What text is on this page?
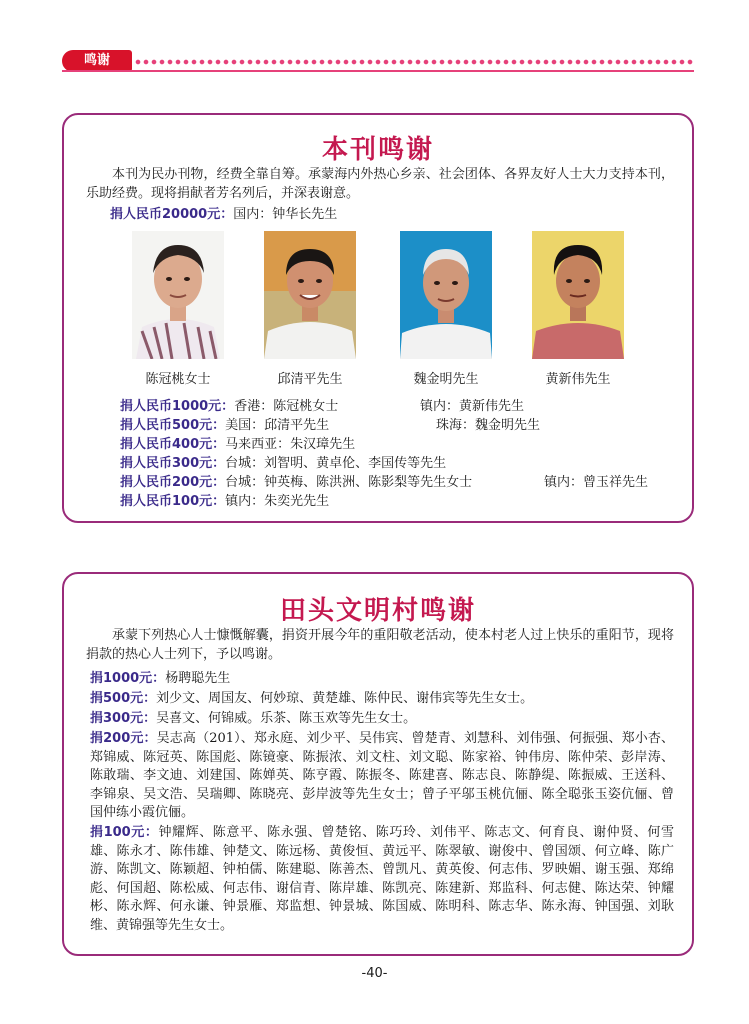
鸣谢
本刊鸣谢
本刊为民办刊物，经费全靠自筹。承蒙海内外热心乡亲、社会团体、各界友好人士大力支持本刊，乐助经费。现将捐献者芳名列后，并深表谢意。
捐人民币20000元：国内：钟华长先生
陈冠桃女士	邱清平先生	魏金明先生	黄新伟先生
捐人民币1000元：香港：陈冠桃女士	镇内：黄新伟先生
捐人民币500元：美国：邱清平先生	珠海：魏金明先生
捐人民币400元：马来西亚：朱汉璋先生
捐人民币300元：台城：刘智明、黄卓伦、李国传等先生
捐人民币200元：台城：钟英梅、陈洪洲、陈影梨等先生女士	镇内：曾玉祥先生
捐人民币100元：镇内：朱奕光先生
田头文明村鸣谢
承蒙下列热心人士慷慨解囊，捐资开展今年的重阳敬老活动，使本村老人过上快乐的重阳节，现将捐款的热心人士列下，予以鸣谢。
捐1000元：杨聘聪先生
捐500元：刘少文、周国友、何妙琼、黄楚雄、陈仲民、谢伟宾等先生女士。
捐300元：吴喜文、何锦威。乐茶、陈玉欢等先生女士。
捐200元：吴志高（201）、郑永庭、刘少平、吴伟宾、曾楚青、刘慧科、刘伟强、何振强、郑小杏、郑锦威、陈冠英、陈国彪、陈镜豪、陈振浓、刘文柱、刘文聪、陈家裕、钟伟房、陈仲荣、彭岸涛、陈敢瑞、李文迪、刘建国、陈婵英、陈亨霞、陈振冬、陈建喜、陈志良、陈静缇、陈振威、王送科、李锦泉、吴文浩、吴瑞卿、陈晓亮、彭岸波等先生女士；曾子平邬玉桃伉俪、陈全聪张玉姿伉俪、曾国仲练小霞伉俪。
捐100元：钟耀辉、陈意平、陈永强、曾楚铭、陈巧玲、刘伟平、陈志文、何育良、谢仲贤、何雪雄、陈永才、陈伟雄、钟楚文、陈远杨、黄俊恒、黄远平、陈翠敏、谢俊中、曾国颂、何立峰、陈广游、陈凯文、陈颖超、钟柏儒、陈建聪、陈善杰、曾凯凡、黄英俊、何志伟、罗映媚、谢玉强、郑绵彪、何国超、陈松威、何志伟、谢信青、陈岸雄、陈凯亮、陈建新、郑监科、何志健、陈达荣、钟耀彬、陈永辉、何永谦、钟景雁、郑监想、钟景城、陈国威、陈明科、陈志华、陈永海、钟国强、刘耿维、黄锦强等先生女士。
-40-
